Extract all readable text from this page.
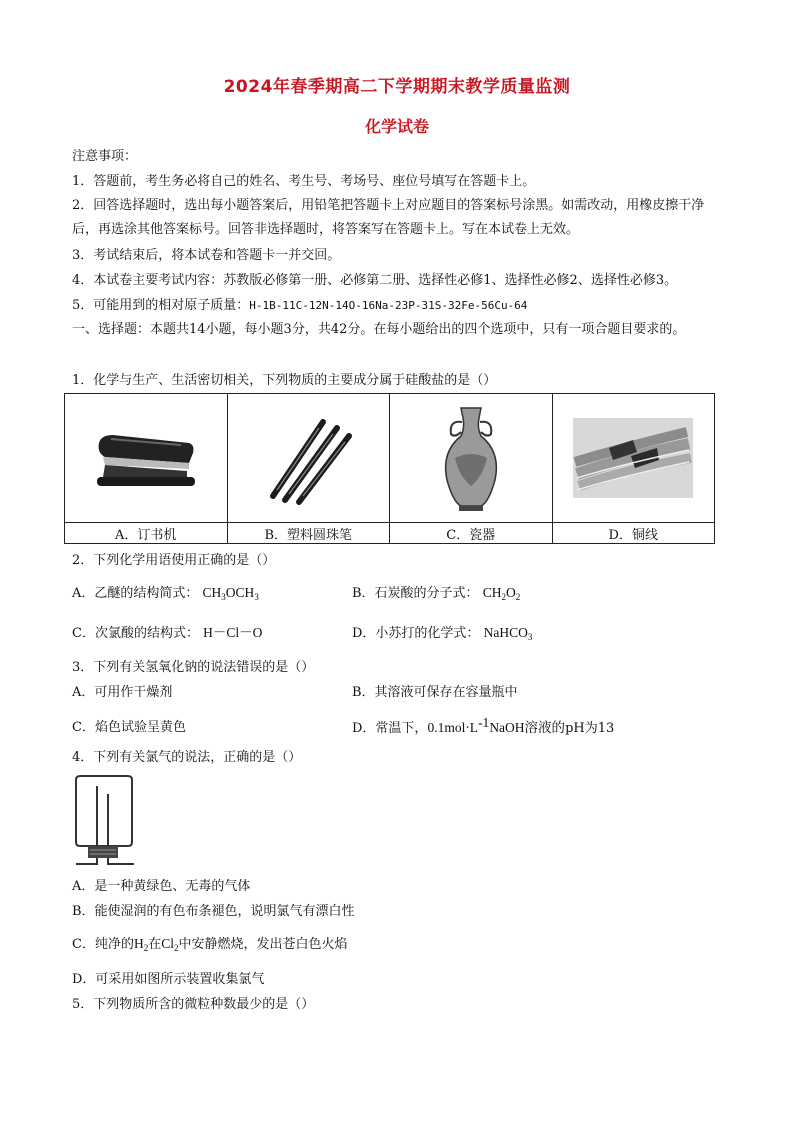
2024年春季期高二下学期期末教学质量监测
化学试卷
注意事项：
1．答题前，考生务必将自己的姓名、考生号、考场号、座位号填写在答题卡上。
2．回答选择题时，选出每小题答案后，用铅笔把答题卡上对应题目的答案标号涂黑。如需改动，用橡皮擦干净后，再选涂其他答案标号。回答非选择题时，将答案写在答题卡上。写在本试卷上无效。
3．考试结束后，将本试卷和答题卡一并交回。
4．本试卷主要考试内容：苏教版必修第一册、必修第二册、选择性必修1、选择性必修2、选择性必修3。
5．可能用到的相对原子质量：H-1B-11C-12N-14O-16Na-23P-31S-32Fe-56Cu-64
一、选择题：本题共14小题，每小题3分，共42分。在每小题给出的四个选项中，只有一项合题目要求的。
1．化学与生产、生活密切相关，下列物质的主要成分属于硅酸盐的是（）

A．订书机	B．塑料圆珠笔	C．瓷器	D．铜线
2．下列化学用语使用正确的是（）
A．乙醚的结构简式： $CH_3OCH_3$	B．石炭酸的分子式： $CH_2O_2$
C．次氯酸的结构式： H－Cl－O	D．小苏打的化学式： NaHCO$_3$
3．下列有关氢氧化钠的说法错误的是（）
A．可用作干燥剂	B．其溶液可保存在容量瓶中
C．焰色试验呈黄色	D．常温下，$0.1mol\cdot L^{-1}NaOH$溶液的pH为13
4．下列有关氯气的说法，正确的是（）
A．是一种黄绿色、无毒的气体
B．能使湿润的有色布条褪色，说明氯气有漂白性
C．纯净的$H_2$在$Cl_2$中安静燃烧，发出苍白色火焰
D．可采用如图所示装置收集氯气
5．下列物质所含的微粒种数最少的是（）
